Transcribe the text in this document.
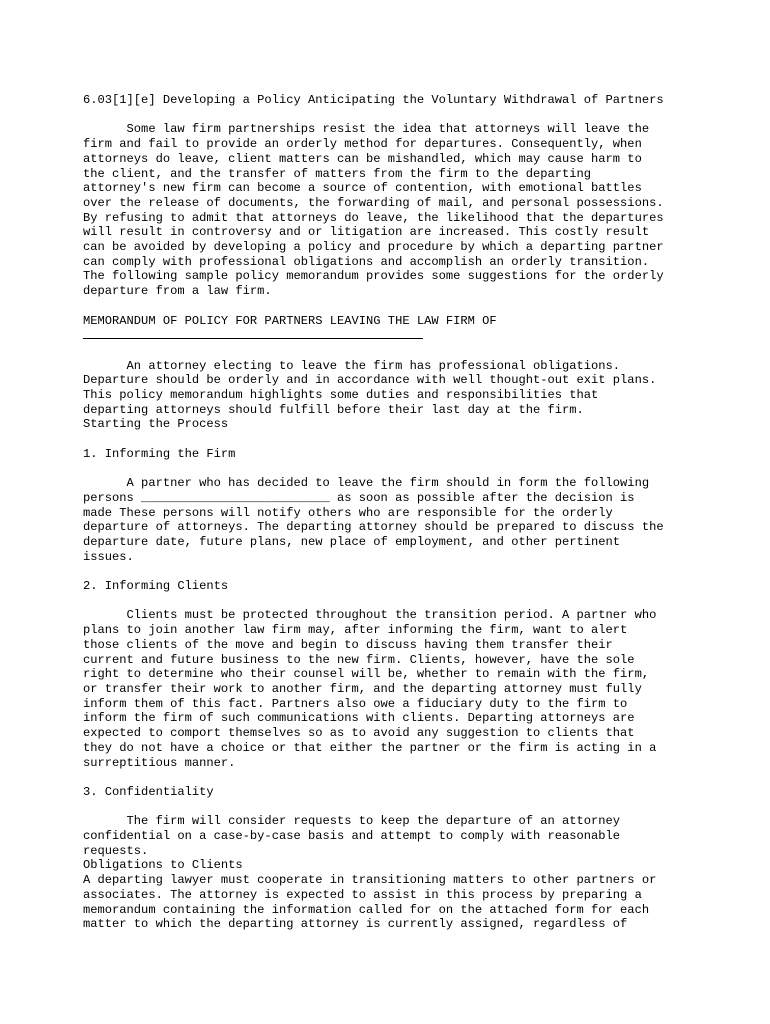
6.03[1][e] Developing a Policy Anticipating the Voluntary Withdrawal of Partners

Some law firm partnerships resist the idea that attorneys will leave the

firm and fail to provide an orderly method for departures. Consequently, when

attorneys do leave, client matters can be mishandled, which may cause harm to

the client, and the transfer of matters from the firm to the departing

attorney's new firm can become a source of contention, with emotional battles

over the release of documents, the forwarding of mail, and personal possessions.

By refusing to admit that attorneys do leave, the likelihood that the departures

will result in controversy and or litigation are increased. This costly result

can be avoided by developing a policy and procedure by which a departing partner

can comply with professional obligations and accomplish an orderly transition.

The following sample policy memorandum provides some suggestions for the orderly

departure from a law firm.

MEMORANDUM OF POLICY FOR PARTNERS LEAVING THE LAW FIRM OF

An attorney electing to leave the firm has professional obligations.

Departure should be orderly and in accordance with well thought-out exit plans.

This policy memorandum highlights some duties and responsibilities that

departing attorneys should fulfill before their last day at the firm.

Starting the Process

1. Informing the Firm

A partner who has decided to leave the firm should in form the following

persons __________________________ as soon as possible after the decision is

made These persons will notify others who are responsible for the orderly

departure of attorneys. The departing attorney should be prepared to discuss the

departure date, future plans, new place of employment, and other pertinent

issues.

2. Informing Clients

Clients must be protected throughout the transition period. A partner who

plans to join another law firm may, after informing the firm, want to alert

those clients of the move and begin to discuss having them transfer their

current and future business to the new firm. Clients, however, have the sole

right to determine who their counsel will be, whether to remain with the firm,

or transfer their work to another firm, and the departing attorney must fully

inform them of this fact. Partners also owe a fiduciary duty to the firm to

inform the firm of such communications with clients. Departing attorneys are

expected to comport themselves so as to avoid any suggestion to clients that

they do not have a choice or that either the partner or the firm is acting in a

surreptitious manner.

3. Confidentiality

The firm will consider requests to keep the departure of an attorney

confidential on a case-by-case basis and attempt to comply with reasonable

requests.

Obligations to Clients

A departing lawyer must cooperate in transitioning matters to other partners or

associates. The attorney is expected to assist in this process by preparing a

memorandum containing the information called for on the attached form for each

matter to which the departing attorney is currently assigned, regardless of
